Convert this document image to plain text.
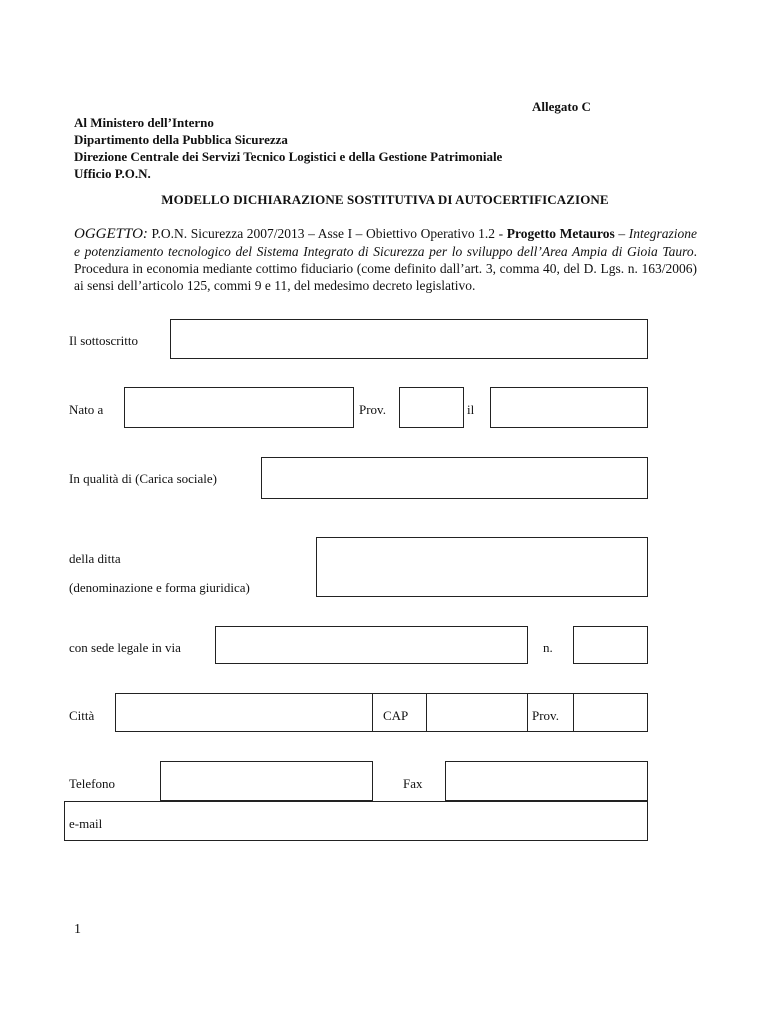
Allegato C
Al Ministero dell’Interno
Dipartimento della Pubblica Sicurezza
Direzione Centrale dei Servizi Tecnico Logistici e della Gestione Patrimoniale
Ufficio P.O.N.
MODELLO DICHIARAZIONE SOSTITUTIVA DI AUTOCERTIFICAZIONE
OGGETTO: P.O.N. Sicurezza 2007/2013 – Asse I – Obiettivo Operativo 1.2 - Progetto Metauros – Integrazione e potenziamento tecnologico del Sistema Integrato di Sicurezza per lo sviluppo dell’Area Ampia di Gioia Tauro. Procedura in economia mediante cottimo fiduciario (come definito dall’art. 3, comma 40, del D. Lgs. n. 163/2006) ai sensi dell’articolo 125, commi 9 e 11, del medesimo decreto legislativo.
Il sottoscritto
Nato a	Prov.	il
In qualità di (Carica sociale)
della ditta
(denominazione e forma giuridica)
con sede legale in via	n.
Città	CAP	Prov.
Telefono	Fax
e-mail
1
